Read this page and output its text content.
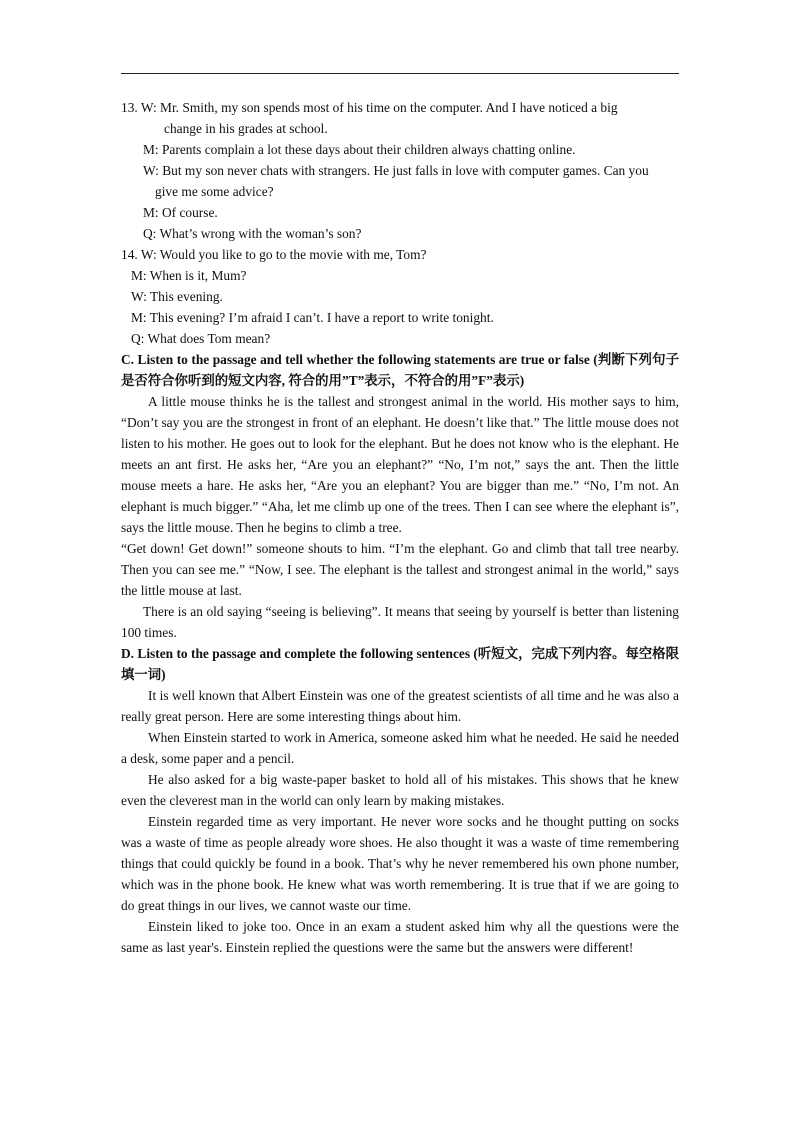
13. W: Mr. Smith, my son spends most of his time on the computer. And I have noticed a big
change in his grades at school.
M: Parents complain a lot these days about their children always chatting online.
W: But my son never chats with strangers. He just falls in love with computer games. Can you
give me some advice?
M: Of course.
Q: What’s wrong with the woman’s son?
14. W: Would you like to go to the movie with me, Tom?
M: When is it, Mum?
W: This evening.
M: This evening? I’m afraid I can’t. I have a report to write tonight.
Q: What does Tom mean?

C. Listen to the passage and tell whether the following statements are true or false (判断下列句子是否符合你听到的短文内容, 符合的用”T”表示，不符合的用”F”表示)

A little mouse thinks he is the tallest and strongest animal in the world. His mother says to him, “Don’t say you are the strongest in front of an elephant. He doesn’t like that.” The little mouse does not listen to his mother. He goes out to look for the elephant. But he does not know who is the elephant. He meets an ant first. He asks her, “Are you an elephant?” “No, I’m not,” says the ant. Then the little mouse meets a hare. He asks her, “Are you an elephant? You are bigger than me.” “No, I’m not. An elephant is much bigger.” “Aha, let me climb up one of the trees. Then I can see where the elephant is”, says the little mouse. Then he begins to climb a tree.

“Get down! Get down!” someone shouts to him. “I’m the elephant. Go and climb that tall tree nearby. Then you can see me.” “Now, I see. The elephant is the tallest and strongest animal in the world,” says the little mouse at last.

There is an old saying “seeing is believing”. It means that seeing by yourself is better than listening 100 times.

D. Listen to the passage and complete the following sentences (听短文，完成下列内容。每空格限填一词)

It is well known that Albert Einstein was one of the greatest scientists of all time and he was also a really great person. Here are some interesting things about him.

When Einstein started to work in America, someone asked him what he needed. He said he needed a desk, some paper and a pencil.

He also asked for a big waste-paper basket to hold all of his mistakes. This shows that he knew even the cleverest man in the world can only learn by making mistakes.

Einstein regarded time as very important. He never wore socks and he thought putting on socks was a waste of time as people already wore shoes. He also thought it was a waste of time remembering things that could quickly be found in a book. That’s why he never remembered his own phone number, which was in the phone book. He knew what was worth remembering. It is true that if we are going to do great things in our lives, we cannot waste our time.

Einstein liked to joke too. Once in an exam a student asked him why all the questions were the same as last year's. Einstein replied the questions were the same but the answers were different!
